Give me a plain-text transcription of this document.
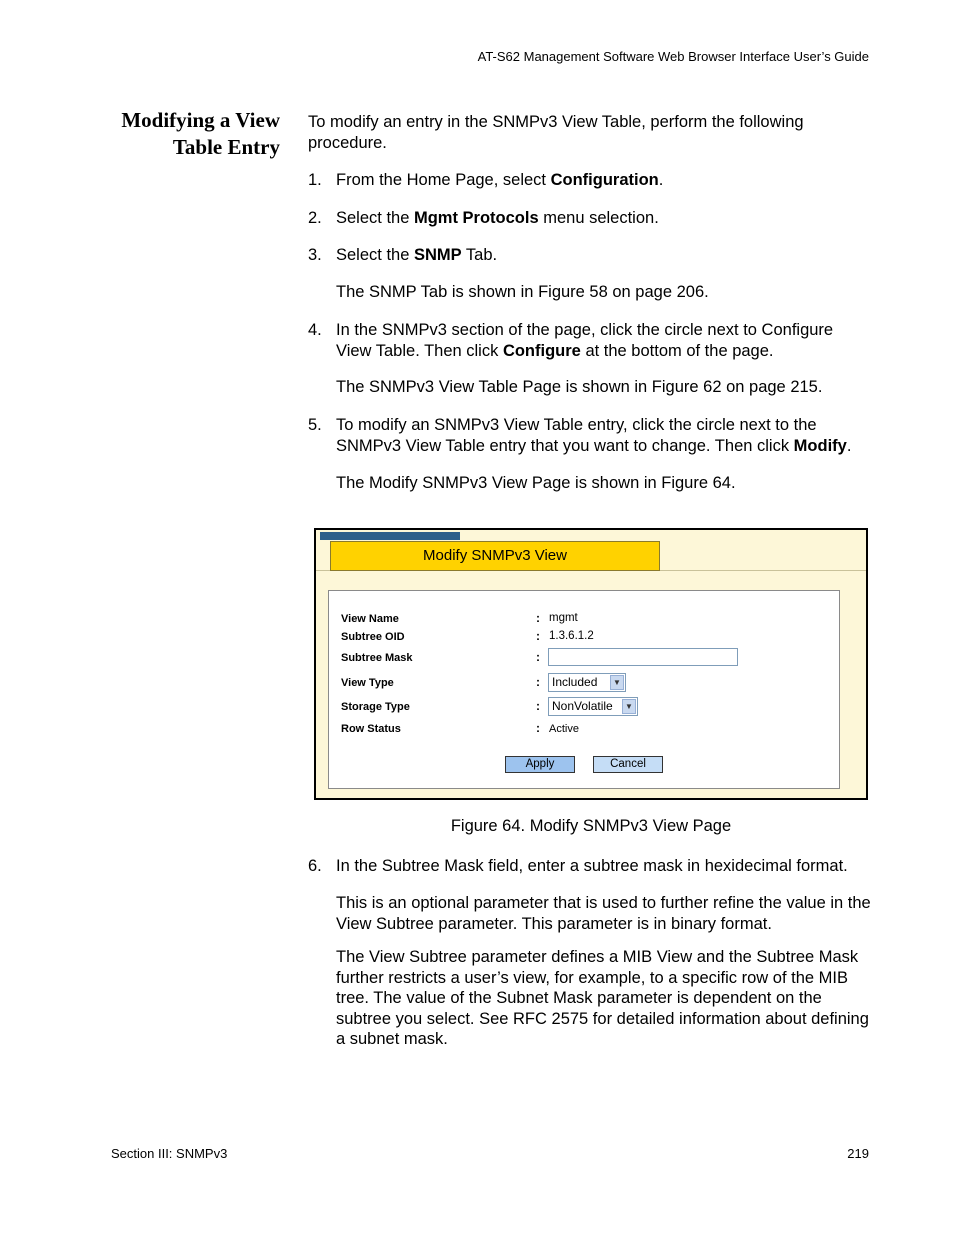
AT-S62 Management Software Web Browser Interface User’s Guide
Modifying a View
Table Entry
To modify an entry in the SNMPv3 View Table, perform the following procedure.
1. From the Home Page, select Configuration.
2. Select the Mgmt Protocols menu selection.
3. Select the SNMP Tab.
The SNMP Tab is shown in Figure 58 on page 206.
4. In the SNMPv3 section of the page, click the circle next to Configure View Table. Then click Configure at the bottom of the page.
The SNMPv3 View Table Page is shown in Figure 62 on page 215.
5. To modify an SNMPv3 View Table entry, click the circle next to the SNMPv3 View Table entry that you want to change. Then click Modify.
The Modify SNMPv3 View Page is shown in Figure 64.
Modify SNMPv3 View
View Name	: mgmt
Subtree OID	: 1.3.6.1.2
Subtree Mask	:
View Type	:	Included	▼
Storage Type	:	NonVolatile	▼
Row Status	: Active
Apply	Cancel
Figure 64. Modify SNMPv3 View Page
6. In the Subtree Mask field, enter a subtree mask in hexidecimal format.
This is an optional parameter that is used to further refine the value in the View Subtree parameter. This parameter is in binary format.
The View Subtree parameter defines a MIB View and the Subtree Mask further restricts a user’s view, for example, to a specific row of the MIB tree. The value of the Subnet Mask parameter is dependent on the subtree you select. See RFC 2575 for detailed information about defining a subnet mask.
Section III: SNMPv3	219
